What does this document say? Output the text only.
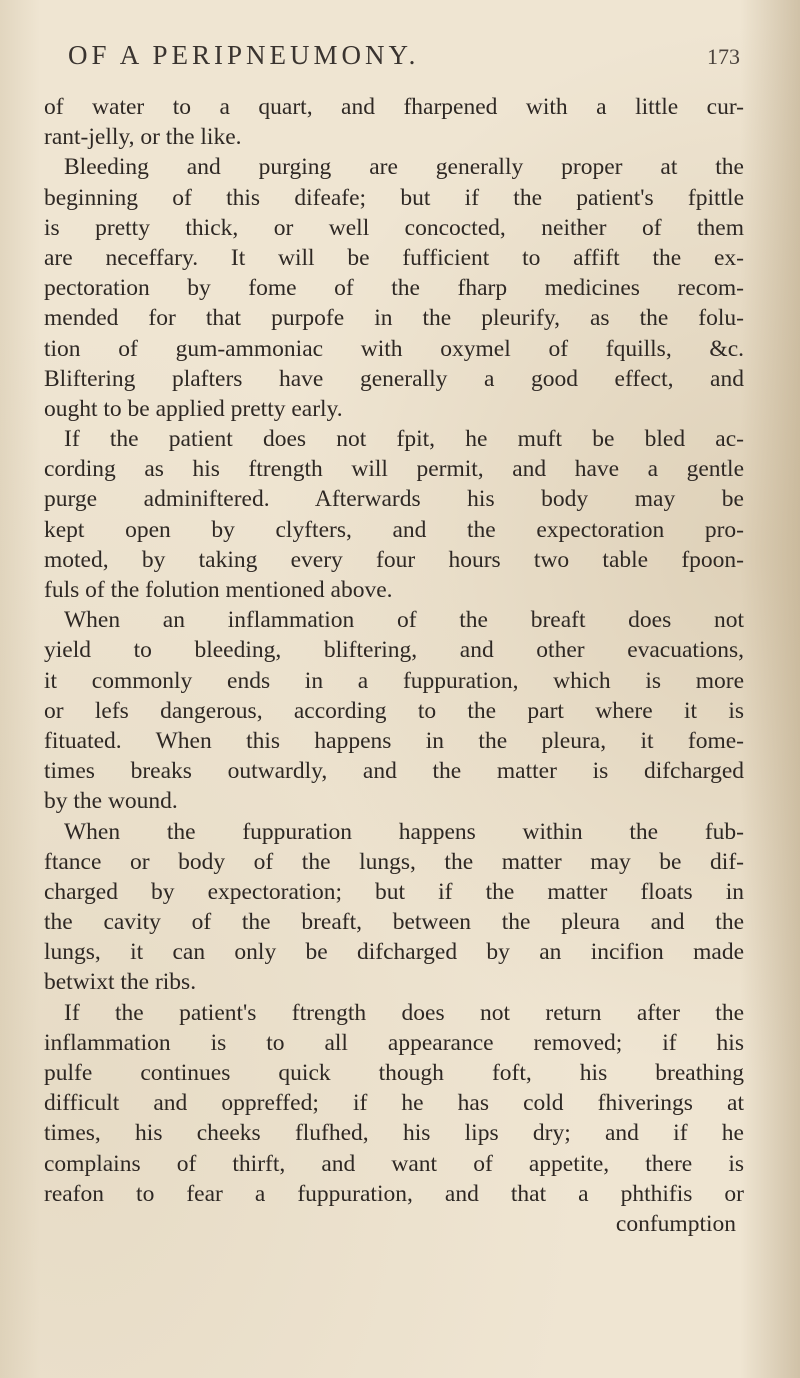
OF A PERIPNEUMONY.	173
of water to a quart, and fharpened with a little cur-
rant-jelly, or the like.
Bleeding and purging are generally proper at the
beginning of this difeafe; but if the patient's fpittle
is pretty thick, or well concocted, neither of them
are neceffary. It will be fufficient to affift the ex-
pectoration by fome of the fharp medicines recom-
mended for that purpofe in the pleurify, as the folu-
tion of gum-ammoniac with oxymel of fquills, &c.
Bliftering plafters have generally a good effect, and
ought to be applied pretty early.
If the patient does not fpit, he muft be bled ac-
cording as his ftrength will permit, and have a gentle
purge adminiftered. Afterwards his body may be
kept open by clyfters, and the expectoration pro-
moted, by taking every four hours two table fpoon-
fuls of the folution mentioned above.
When an inflammation of the breaft does not
yield to bleeding, bliftering, and other evacuations,
it commonly ends in a fuppuration, which is more
or lefs dangerous, according to the part where it is
fituated. When this happens in the pleura, it fome-
times breaks outwardly, and the matter is difcharged
by the wound.
When the fuppuration happens within the fub-
ftance or body of the lungs, the matter may be dif-
charged by expectoration; but if the matter floats in
the cavity of the breaft, between the pleura and the
lungs, it can only be difcharged by an incifion made
betwixt the ribs.
If the patient's ftrength does not return after the
inflammation is to all appearance removed; if his
pulfe continues quick though foft, his breathing
difficult and oppreffed; if he has cold fhiverings at
times, his cheeks flufhed, his lips dry; and if he
complains of thirft, and want of appetite, there is
reafon to fear a fuppuration, and that a phthifis or
confumption
